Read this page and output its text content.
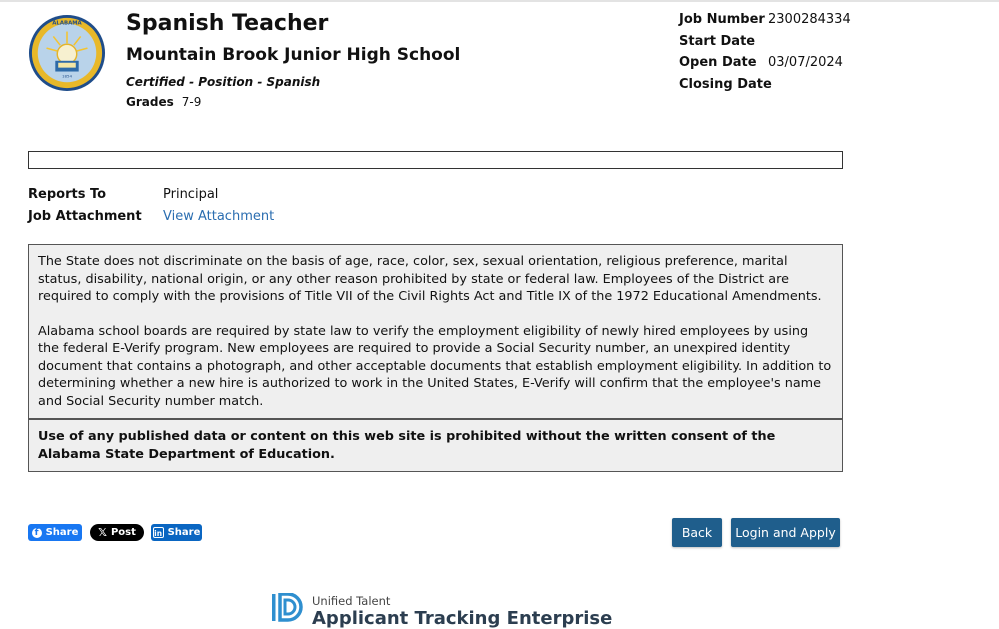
1854
ALABAMA Spanish Teacher
Mountain Brook Junior High School
Certified - Position - Spanish
Grades 7-9
Job Number 2300284334
Start Date
Open Date 03/07/2024
Closing Date
Reports To	Principal
Job Attachment View Attachment

The State does not discriminate on the basis of age, race, color, sex, sexual orientation, religious preference, marital status, disability, national origin, or any other reason prohibited by state or federal law. Employees of the District are required to comply with the provisions of Title VII of the Civil Rights Act and Title IX of the 1972 Educational Amendments.

Alabama school boards are required by state law to verify the employment eligibility of newly hired employees by using the federal E-Verify program. New employees are required to provide a Social Security number, an unexpired identity document that contains a photograph, and other acceptable documents that establish employment eligibility. In addition to determining whether a new hire is authorized to work in the United States, E-Verify will confirm that the employee's name and Social Security number match.

Use of any published data or content on this web site is prohibited without the written consent of the Alabama State Department of Education.

f Share 𝕏 Post in Share	Back	Login and Apply
Unified Talent
Applicant Tracking Enterprise
